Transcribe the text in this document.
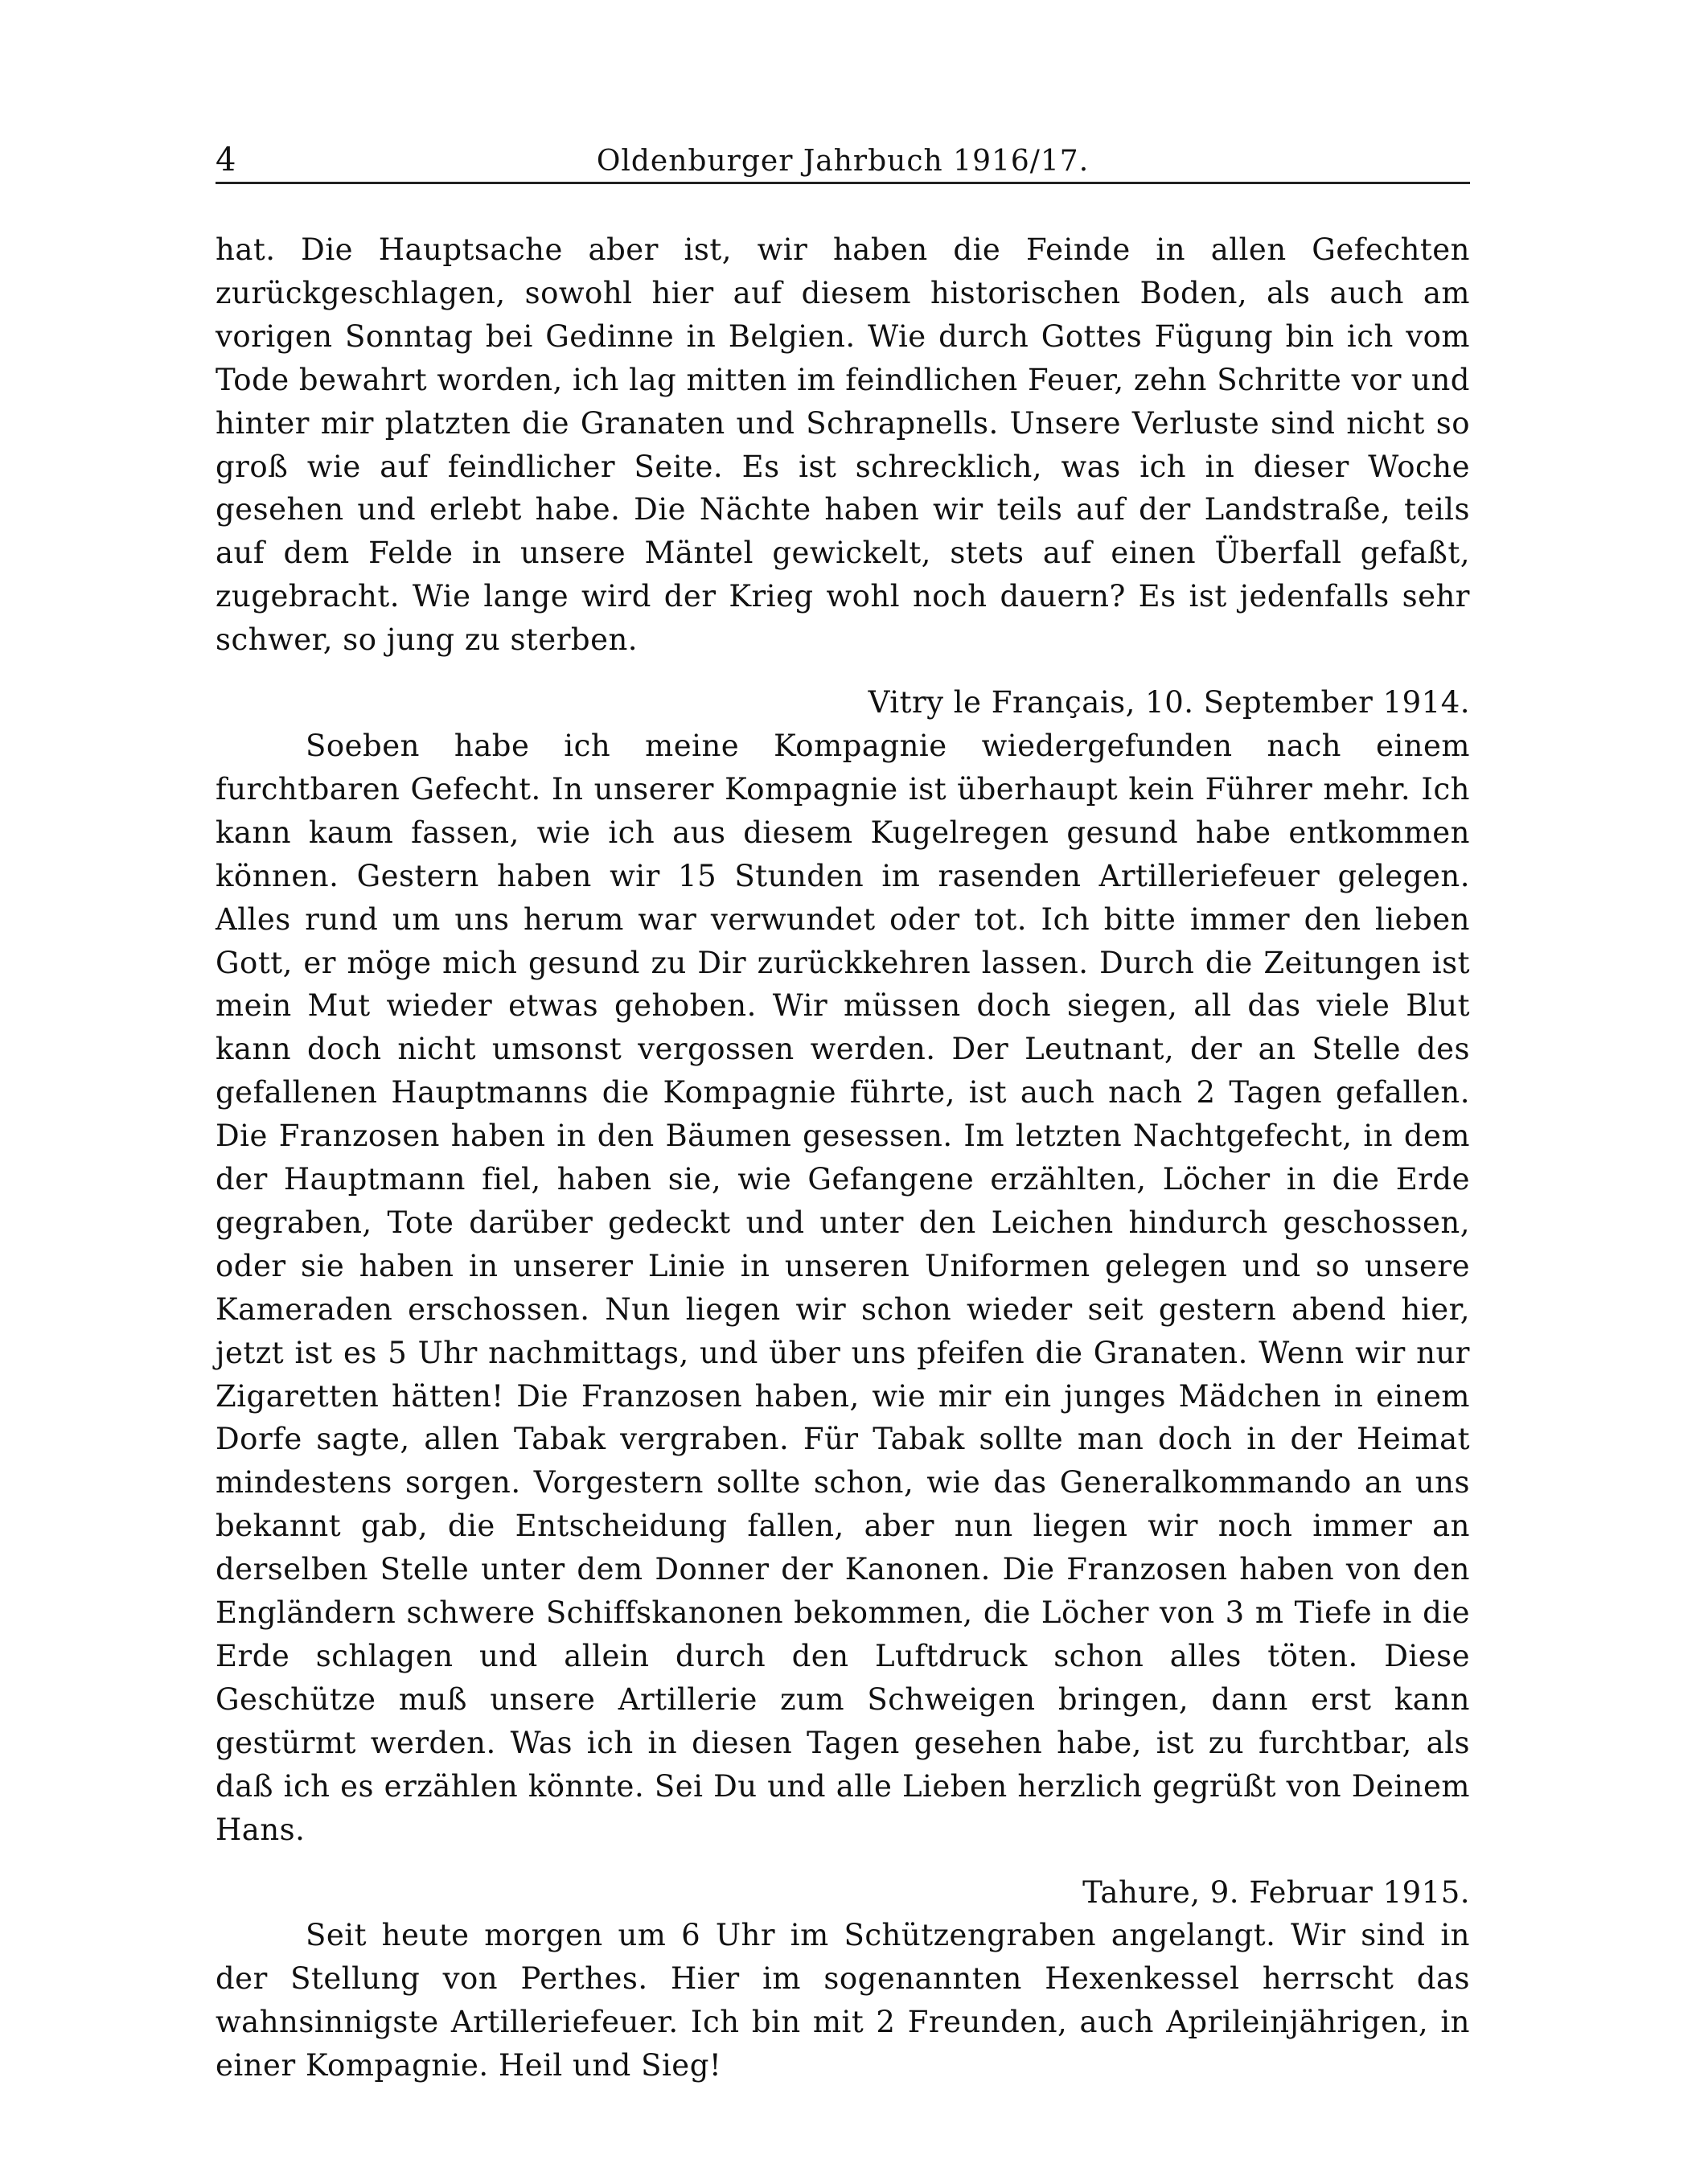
4	Oldenburger Jahrbuch 1916/17.

hat. Die Hauptsache aber ist, wir haben die Feinde in allen Gefechten zurückgeschlagen, sowohl hier auf diesem historischen Boden, als auch am vorigen Sonntag bei Gedinne in Belgien. Wie durch Gottes Fügung bin ich vom Tode bewahrt worden, ich lag mitten im feindlichen Feuer, zehn Schritte vor und hinter mir platzten die Granaten und Schrapnells. Unsere Verluste sind nicht so groß wie auf feindlicher Seite. Es ist schrecklich, was ich in dieser Woche gesehen und erlebt habe. Die Nächte haben wir teils auf der Landstraße, teils auf dem Felde in unsere Mäntel gewickelt, stets auf einen Überfall gefaßt, zugebracht. Wie lange wird der Krieg wohl noch dauern? Es ist jedenfalls sehr schwer, so jung zu sterben.

Vitry le Français, 10. September 1914.

Soeben habe ich meine Kompagnie wiedergefunden nach einem furchtbaren Gefecht. In unserer Kompagnie ist überhaupt kein Führer mehr. Ich kann kaum fassen, wie ich aus diesem Kugelregen gesund habe entkommen können. Gestern haben wir 15 Stunden im rasenden Artilleriefeuer gelegen. Alles rund um uns herum war verwundet oder tot. Ich bitte immer den lieben Gott, er möge mich gesund zu Dir zurückkehren lassen. Durch die Zeitungen ist mein Mut wieder etwas gehoben. Wir müssen doch siegen, all das viele Blut kann doch nicht umsonst vergossen werden. Der Leutnant, der an Stelle des gefallenen Hauptmanns die Kompagnie führte, ist auch nach 2 Tagen gefallen. Die Franzosen haben in den Bäumen gesessen. Im letzten Nachtgefecht, in dem der Hauptmann fiel, haben sie, wie Gefangene erzählten, Löcher in die Erde gegraben, Tote darüber gedeckt und unter den Leichen hindurch geschossen, oder sie haben in unserer Linie in unseren Uniformen gelegen und so unsere Kameraden erschossen. Nun liegen wir schon wieder seit gestern abend hier, jetzt ist es 5 Uhr nachmittags, und über uns pfeifen die Granaten. Wenn wir nur Zigaretten hätten! Die Franzosen haben, wie mir ein junges Mädchen in einem Dorfe sagte, allen Tabak vergraben. Für Tabak sollte man doch in der Heimat mindestens sorgen. Vorgestern sollte schon, wie das Generalkommando an uns bekannt gab, die Entscheidung fallen, aber nun liegen wir noch immer an derselben Stelle unter dem Donner der Kanonen. Die Franzosen haben von den Engländern schwere Schiffskanonen bekommen, die Löcher von 3 m Tiefe in die Erde schlagen und allein durch den Luftdruck schon alles töten. Diese Geschütze muß unsere Artillerie zum Schweigen bringen, dann erst kann gestürmt werden. Was ich in diesen Tagen gesehen habe, ist zu furchtbar, als daß ich es erzählen könnte. Sei Du und alle Lieben herzlich gegrüßt von Deinem Hans.

Tahure, 9. Februar 1915.

Seit heute morgen um 6 Uhr im Schützengraben angelangt. Wir sind in der Stellung von Perthes. Hier im sogenannten Hexenkessel herrscht das wahnsinnigste Artilleriefeuer. Ich bin mit 2 Freunden, auch Aprileinjährigen, in einer Kompagnie. Heil und Sieg!
